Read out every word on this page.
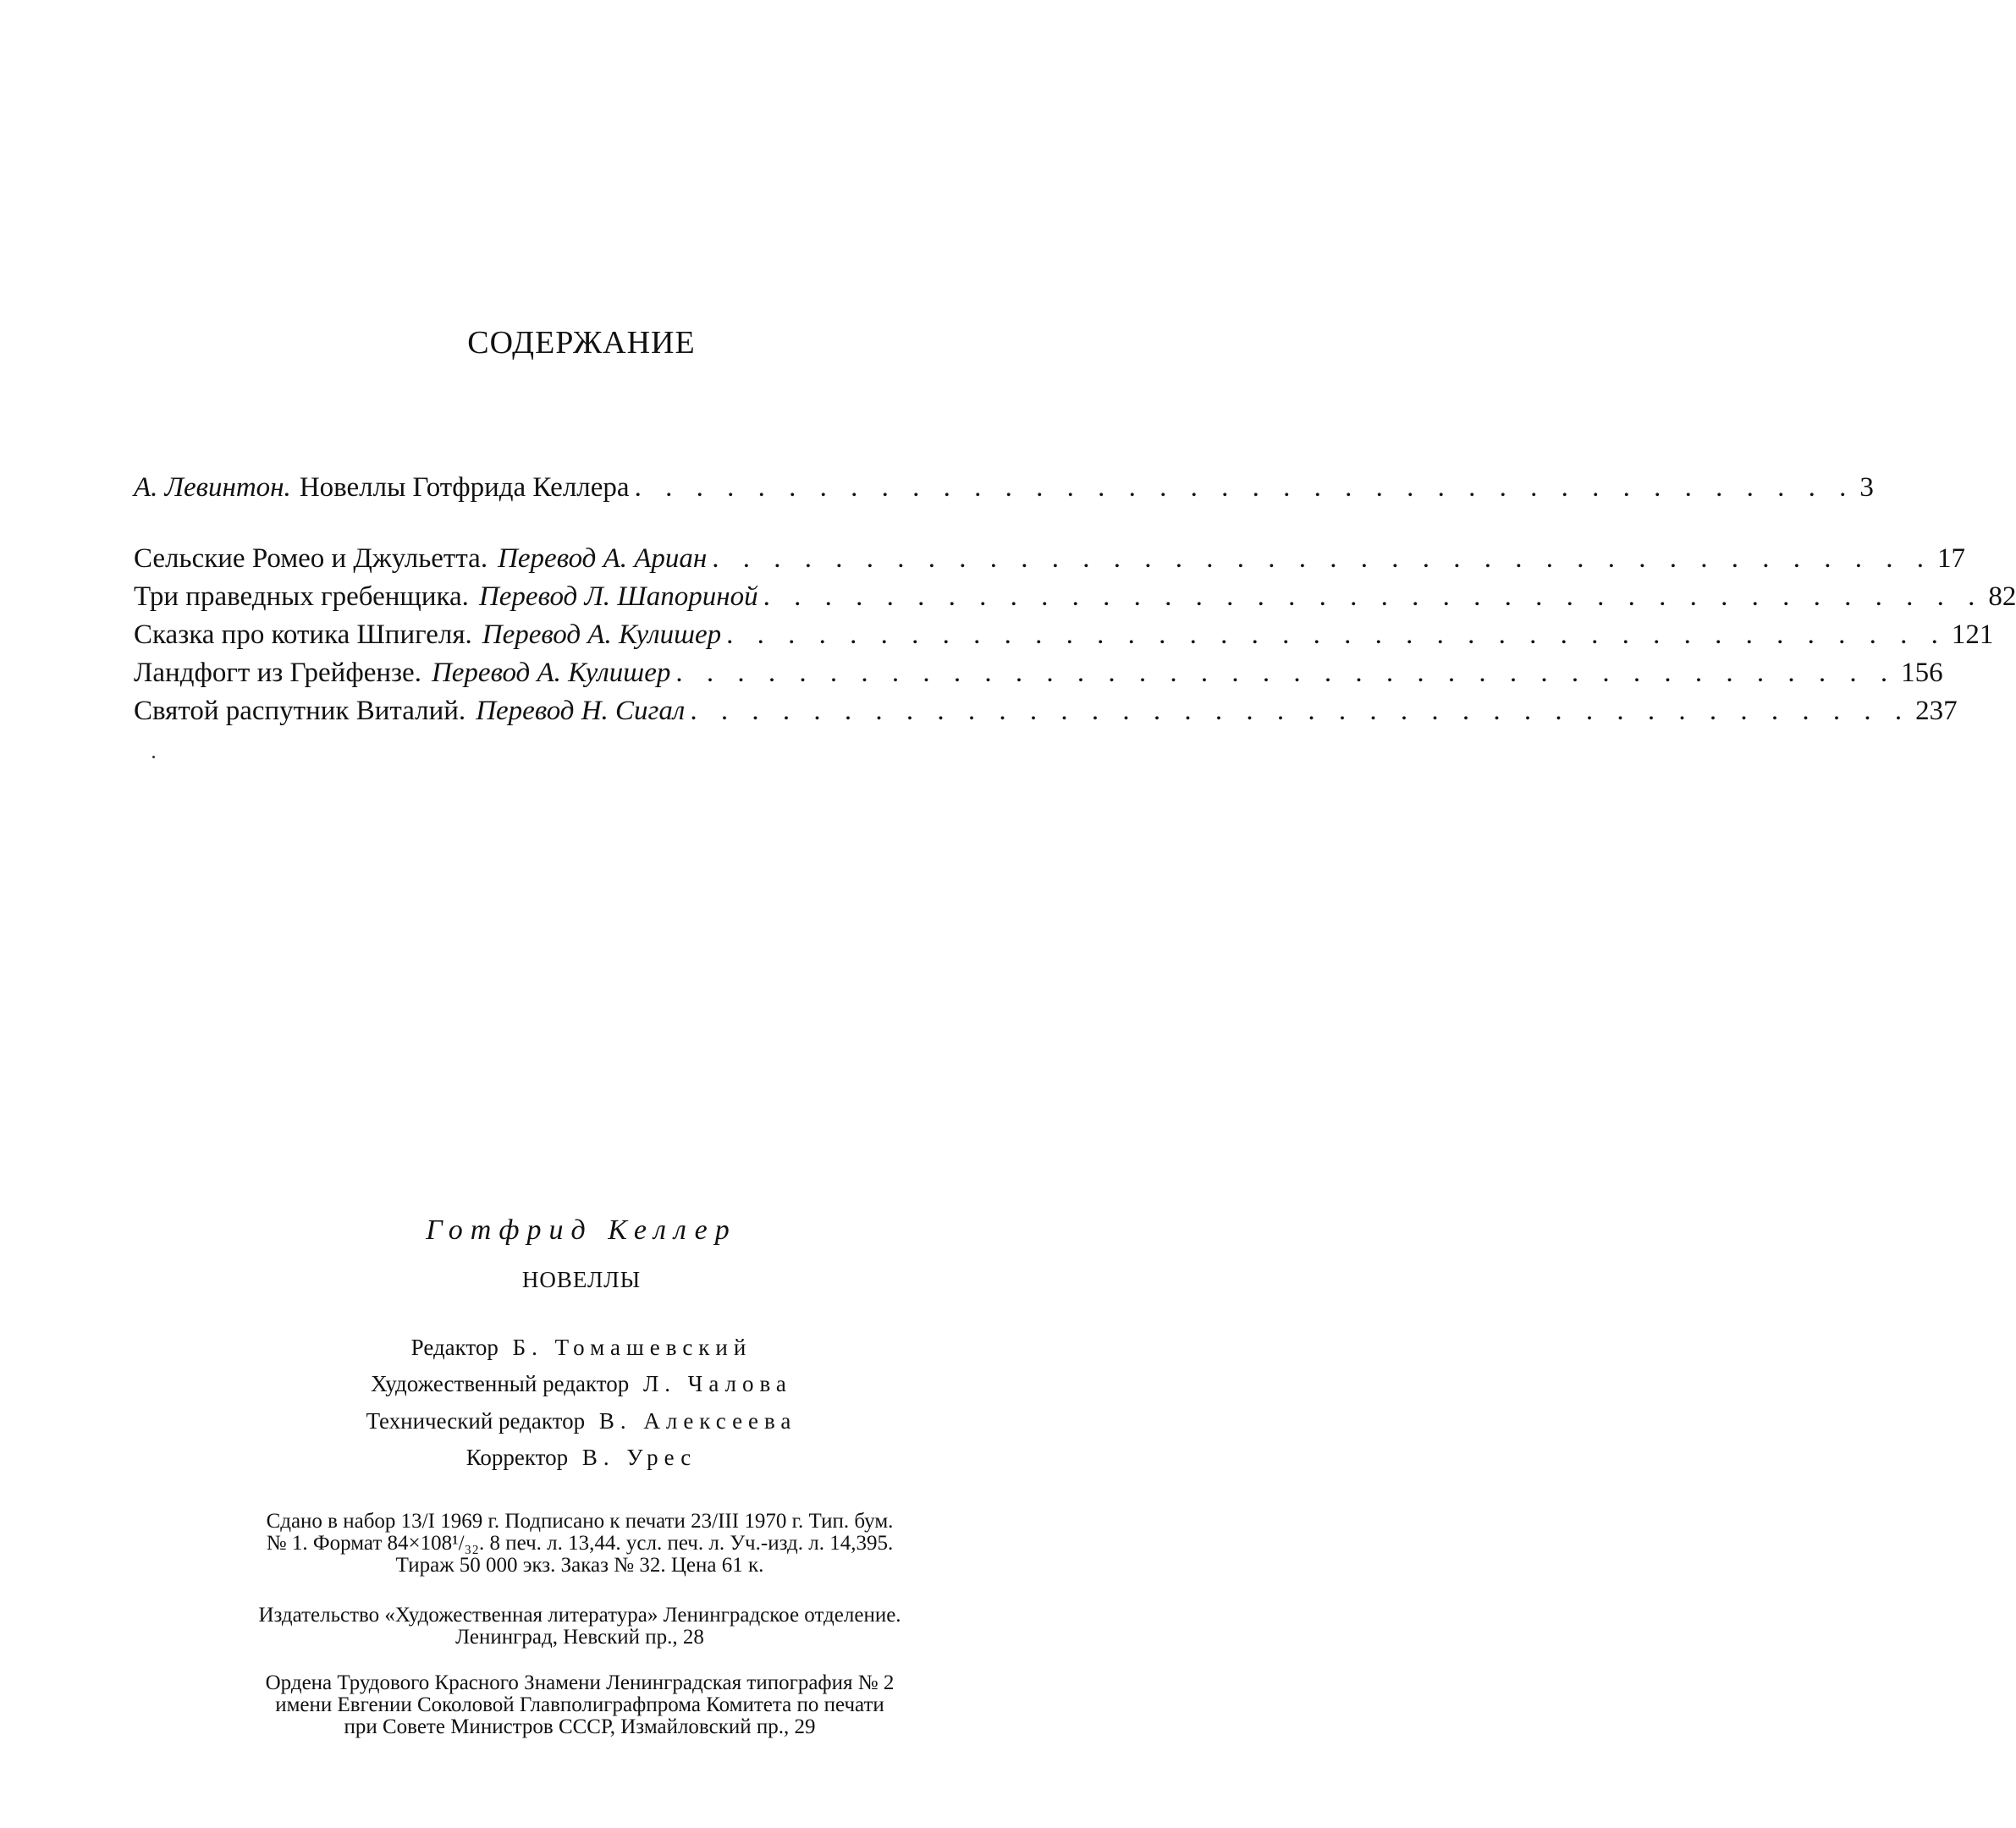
СОДЕРЖАНИЕ
А. Левинтон. Новеллы Готфрида Келлера . . . . . . . . . . . . . . . . . . . . . . . . . . . . . . . . . . . . . . . . 3
Сельские Ромео и Джульетта. Перевод А. Ариан . . . . . . . . . . . . . . . . . . . . . . . . . . . . . . . . . . . . . . . . 17
Три праведных гребенщика. Перевод Л. Шапориной . . . . . . . . . . . . . . . . . . . . . . . . . . . . . . . . . . . . . . . . 82
Сказка про котика Шпигеля. Перевод А. Кулишер . . . . . . . . . . . . . . . . . . . . . . . . . . . . . . . . . . . . . . . . 121
Ландфогт из Грейфензе. Перевод А. Кулишер . . . . . . . . . . . . . . . . . . . . . . . . . . . . . . . . . . . . . . . . 156
Святой распутник Виталий. Перевод Н. Сигал . . . . . . . . . . . . . . . . . . . . . . . . . . . . . . . . . . . . . . . . 237
Готфрид Келлер
НОВЕЛЛЫ
Редактор Б. Томашевский
Художественный редактор Л. Чалова
Технический редактор В. Алексеева
Корректор В. Урес
Сдано в набор 13/I 1969 г. Подписано к печати 23/III 1970 г. Тип. бум.
№ 1. Формат 84×108¹/₃₂. 8 печ. л. 13,44. усл. печ. л. Уч.-изд. л. 14,395.
Тираж 50 000 экз. Заказ № 32. Цена 61 к.
Издательство «Художественная литература» Ленинградское отделение.
Ленинград, Невский пр., 28
Ордена Трудового Красного Знамени Ленинградская типография № 2
имени Евгении Соколовой Главполиграфпрома Комитета по печати
при Совете Министров СССР, Измайловский пр., 29
